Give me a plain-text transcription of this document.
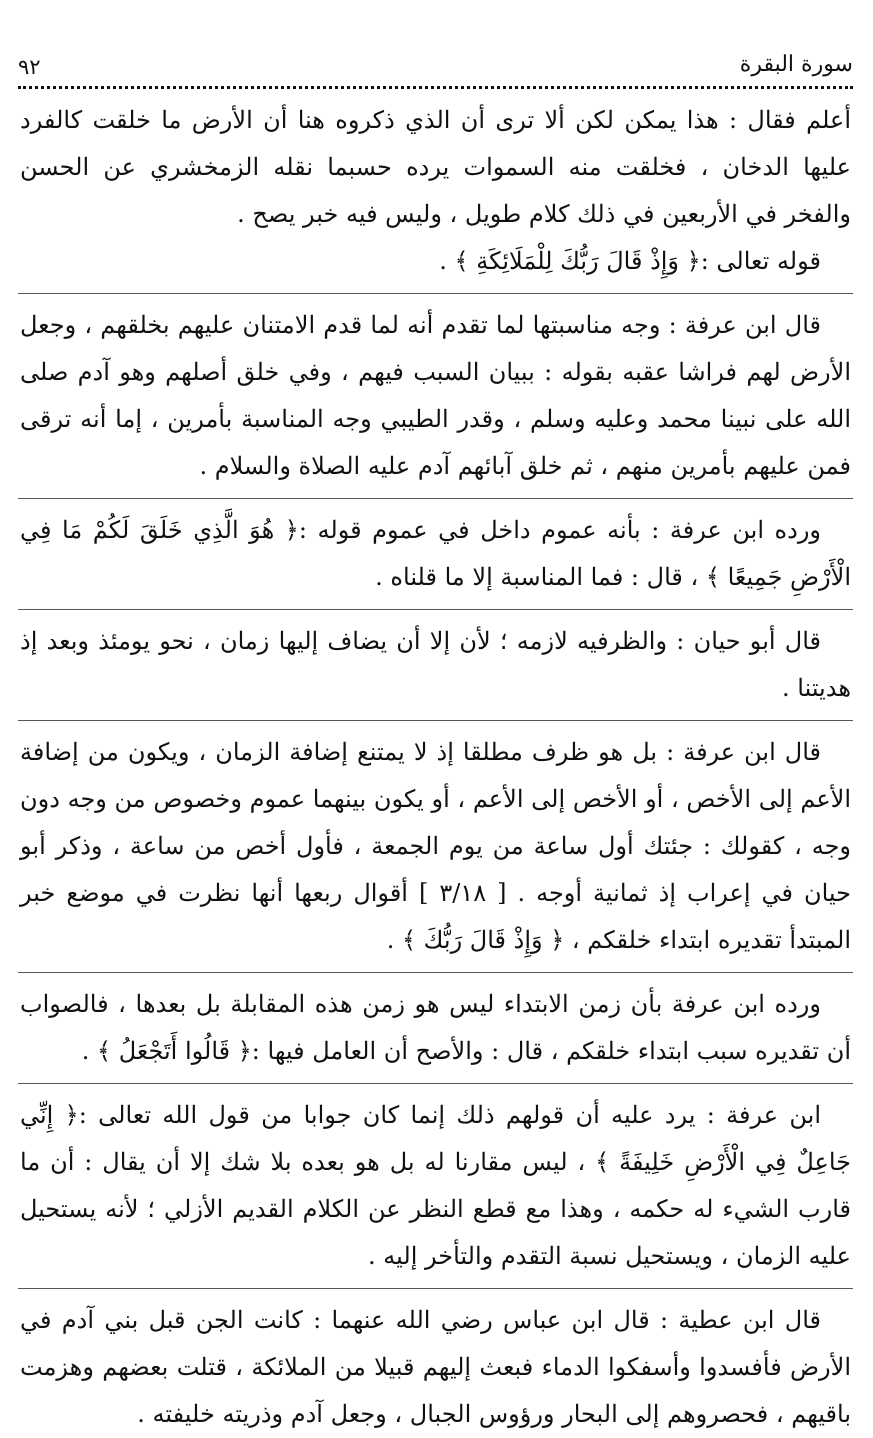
سورة البقرة
٩٢

أعلم فقال : هذا يمكن لكن ألا ترى أن الذي ذكروه هنا أن الأرض ما خلقت كالفرد عليها الدخان ، فخلقت منه السموات يرده حسبما نقله الزمخشري عن الحسن والفخر في الأربعين في ذلك كلام طويل ، وليس فيه خبر يصح .

قوله تعالى :﴿ وَإِذْ قَالَ رَبُّكَ لِلْمَلَائِكَةِ ﴾ .

قال ابن عرفة : وجه مناسبتها لما تقدم أنه لما قدم الامتنان عليهم بخلقهم ، وجعل الأرض لهم فراشا عقبه بقوله : ببيان السبب فيهم ، وفي خلق أصلهم وهو آدم صلى الله على نبينا محمد وعليه وسلم ، وقدر الطيبي وجه المناسبة بأمرين ، إما أنه ترقى فمن عليهم بأمرين منهم ، ثم خلق آبائهم آدم عليه الصلاة والسلام .

ورده ابن عرفة : بأنه عموم داخل في عموم قوله :﴿ هُوَ الَّذِي خَلَقَ لَكُمْ مَا فِي الْأَرْضِ جَمِيعًا ﴾ ، قال : فما المناسبة إلا ما قلناه .

قال أبو حيان : والظرفيه لازمه ؛ لأن إلا أن يضاف إليها زمان ، نحو يومئذ وبعد إذ هديتنا .

قال ابن عرفة : بل هو ظرف مطلقا إذ لا يمتنع إضافة الزمان ، ويكون من إضافة الأعم إلى الأخص ، أو الأخص إلى الأعم ، أو يكون بينهما عموم وخصوص من وجه دون وجه ، كقولك : جئتك أول ساعة من يوم الجمعة ، فأول أخص من ساعة ، وذكر أبو حيان في إعراب إذ ثمانية أوجه . [ ٣/١٨ ] أقوال ربعها أنها نظرت في موضع خبر المبتدأ تقديره ابتداء خلقكم ، ﴿ وَإِذْ قَالَ رَبُّكَ ﴾ .

ورده ابن عرفة بأن زمن الابتداء ليس هو زمن هذه المقابلة بل بعدها ، فالصواب أن تقديره سبب ابتداء خلقكم ، قال : والأصح أن العامل فيها :﴿ قَالُوا أَتَجْعَلُ ﴾ .

ابن عرفة : يرد عليه أن قولهم ذلك إنما كان جوابا من قول الله تعالى :﴿ إِنِّي جَاعِلٌ فِي الْأَرْضِ خَلِيفَةً ﴾ ، ليس مقارنا له بل هو بعده بلا شك إلا أن يقال : أن ما قارب الشيء له حكمه ، وهذا مع قطع النظر عن الكلام القديم الأزلي ؛ لأنه يستحيل عليه الزمان ، ويستحيل نسبة التقدم والتأخر إليه .

قال ابن عطية : قال ابن عباس رضي الله عنهما : كانت الجن قبل بني آدم في الأرض فأفسدوا وأسفكوا الدماء فبعث إليهم قبيلا من الملائكة ، قتلت بعضهم وهزمت باقيهم ، فحصروهم إلى البحار ورؤوس الجبال ، وجعل آدم وذريته خليفته .
